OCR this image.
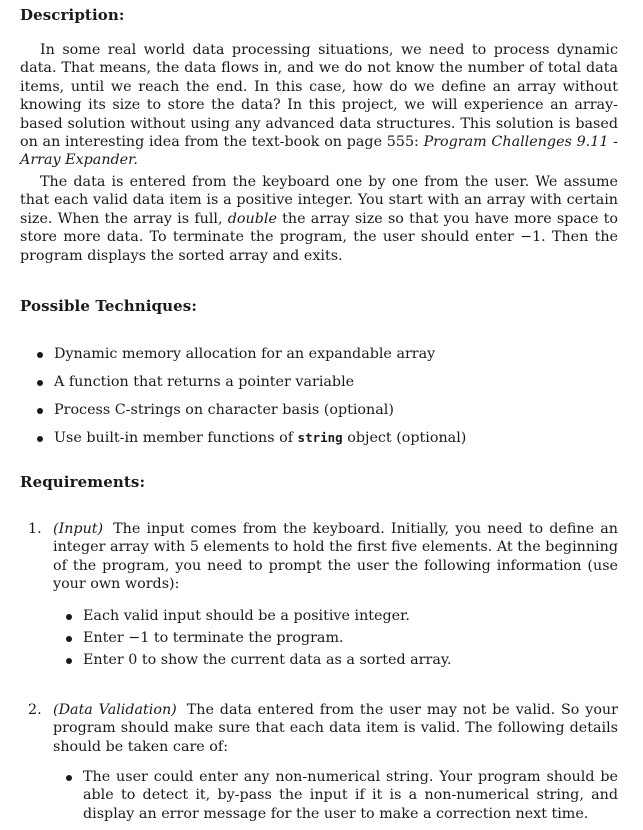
Description:

In some real world data processing situations, we need to process dynamic data. That means, the data flows in, and we do not know the number of total data items, until we reach the end. In this case, how do we define an array without knowing its size to store the data? In this project, we will experience an array-based solution without using any advanced data structures. This solution is based on an interesting idea from the text-book on page 555: Program Challenges 9.11 - Array Expander.

The data is entered from the keyboard one by one from the user. We assume that each valid data item is a positive integer. You start with an array with certain size. When the array is full, double the array size so that you have more space to store more data. To terminate the program, the user should enter −1. Then the program displays the sorted array and exits.

Possible Techniques:
Dynamic memory allocation for an expandable array
A function that returns a pointer variable
Process C-strings on character basis (optional)
Use built-in member functions of string object (optional)
Requirements:
1. (Input) The input comes from the keyboard. Initially, you need to define an integer array with 5 elements to hold the first five elements. At the beginning of the program, you need to prompt the user the following information (use your own words):
Each valid input should be a positive integer.
Enter −1 to terminate the program.
Enter 0 to show the current data as a sorted array.
2. (Data Validation) The data entered from the user may not be valid. So your program should make sure that each data item is valid. The following details should be taken care of:
The user could enter any non-numerical string. Your program should be able to detect it, by-pass the input if it is a non-numerical string, and display an error message for the user to make a correction next time.
